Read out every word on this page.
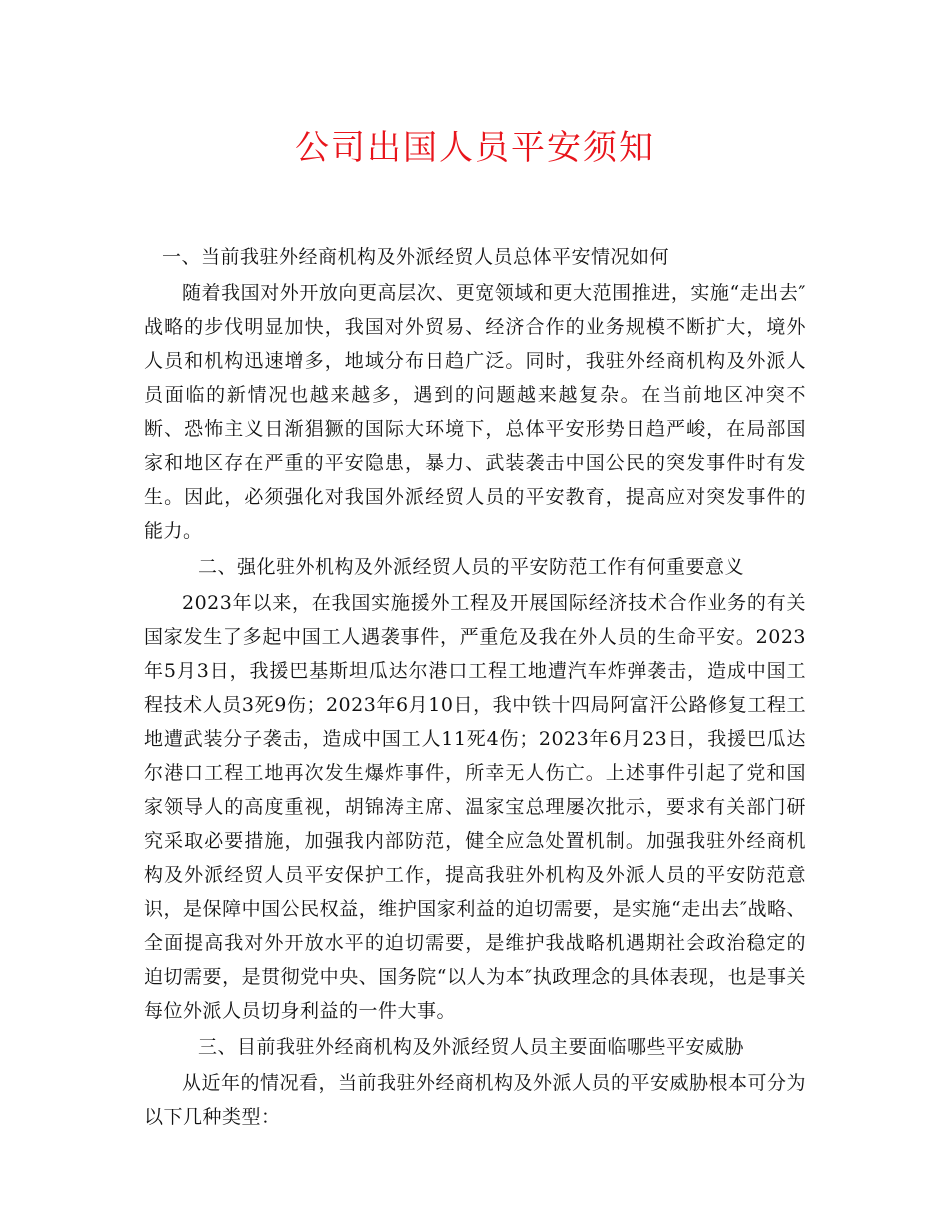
公司出国人员平安须知

一、当前我驻外经商机构及外派经贸人员总体平安情况如何

随着我国对外开放向更高层次、更宽领域和更大范围推进，实施“走出去″战略的步伐明显加快，我国对外贸易、经济合作的业务规模不断扩大，境外人员和机构迅速增多，地域分布日趋广泛。同时，我驻外经商机构及外派人员面临的新情况也越来越多，遇到的问题越来越复杂。在当前地区冲突不断、恐怖主义日渐猖獗的国际大环境下，总体平安形势日趋严峻，在局部国家和地区存在严重的平安隐患，暴力、武装袭击中国公民的突发事件时有发生。因此，必须强化对我国外派经贸人员的平安教育，提高应对突发事件的能力。

二、强化驻外机构及外派经贸人员的平安防范工作有何重要意义

2023年以来，在我国实施援外工程及开展国际经济技术合作业务的有关国家发生了多起中国工人遇袭事件，严重危及我在外人员的生命平安。2023年5月3日，我援巴基斯坦瓜达尔港口工程工地遭汽车炸弹袭击，造成中国工程技术人员3死9伤；2023年6月10日，我中铁十四局阿富汗公路修复工程工地遭武装分子袭击，造成中国工人11死4伤；2023年6月23日，我援巴瓜达尔港口工程工地再次发生爆炸事件，所幸无人伤亡。上述事件引起了党和国家领导人的高度重视，胡锦涛主席、温家宝总理屡次批示，要求有关部门研究采取必要措施，加强我内部防范，健全应急处置机制。加强我驻外经商机构及外派经贸人员平安保护工作，提高我驻外机构及外派人员的平安防范意识，是保障中国公民权益，维护国家利益的迫切需要，是实施“走出去″战略、全面提高我对外开放水平的迫切需要，是维护我战略机遇期社会政治稳定的迫切需要，是贯彻党中央、国务院“以人为本″执政理念的具体表现，也是事关每位外派人员切身利益的一件大事。

三、目前我驻外经商机构及外派经贸人员主要面临哪些平安威胁

从近年的情况看，当前我驻外经商机构及外派人员的平安威胁根本可分为以下几种类型：
